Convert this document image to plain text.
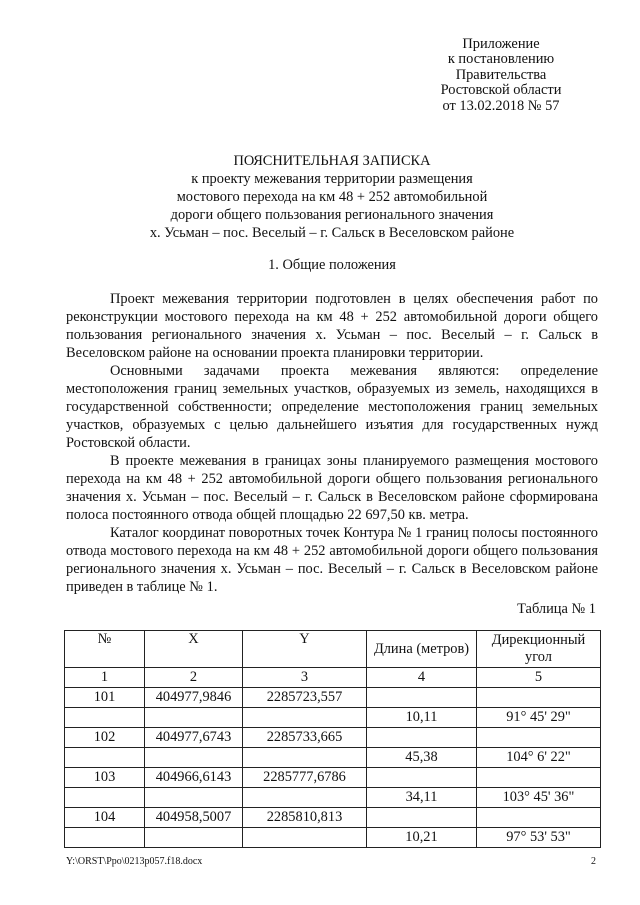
Приложение
к постановлению
Правительства
Ростовской области
от 13.02.2018 № 57
ПОЯСНИТЕЛЬНАЯ ЗАПИСКА
к проекту межевания территории размещения
мостового перехода на км 48 + 252 автомобильной
дороги общего пользования регионального значения
х. Усьман – пос. Веселый – г. Сальск в Веселовском районе
1. Общие положения

Проект межевания территории подготовлен в целях обеспечения работ по реконструкции мостового перехода на км 48 + 252 автомобильной дороги общего пользования регионального значения х. Усьман – пос. Веселый – г. Сальск в Веселовском районе на основании проекта планировки территории.

Основными задачами проекта межевания являются: определение местоположения границ земельных участков, образуемых из земель, находящихся в государственной собственности; определение местоположения границ земельных участков, образуемых с целью дальнейшего изъятия для государственных нужд Ростовской области.

В проекте межевания в границах зоны планируемого размещения мостового перехода на км 48 + 252 автомобильной дороги общего пользования регионального значения х. Усьман – пос. Веселый – г. Сальск в Веселовском районе сформирована полоса постоянного отвода общей площадью 22 697,50 кв. метра.

Каталог координат поворотных точек Контура № 1 границ полосы постоянного отвода мостового перехода на км 48 + 252 автомобильной дороги общего пользования регионального значения х. Усьман – пос. Веселый – г. Сальск в Веселовском районе приведен в таблице № 1.

Таблица № 1
№	X	Y	Длина (метров)	Дирекционный угол
1	2	3	4	5
101	404977,9846	2285723,557		
			10,11	91° 45' 29"
102	404977,6743	2285733,665		
			45,38	104° 6' 22"
103	404966,6143	2285777,6786		
			34,11	103° 45' 36"
104	404958,5007	2285810,813		
			10,21	97° 53' 53"
Y:\ORST\Ppo\0213p057.f18.docx	2
